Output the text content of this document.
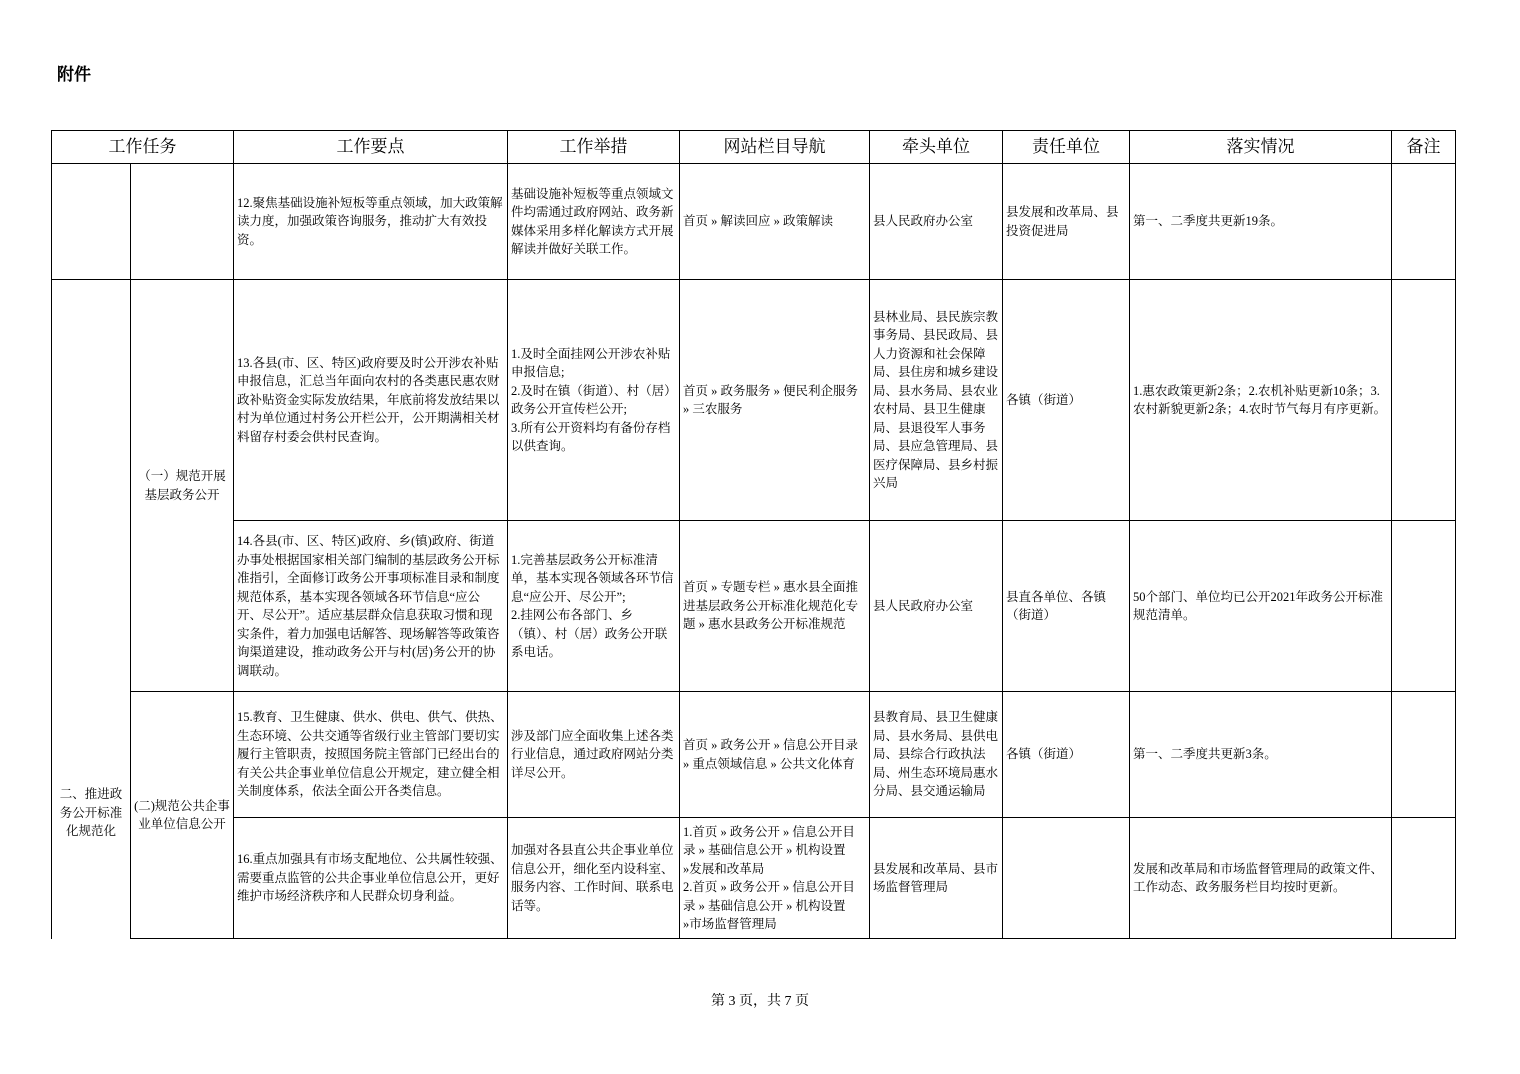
附件
工作任务		工作要点	工作举措	网站栏目导航	牵头单位	责任单位	落实情况	备注
		12.聚焦基础设施补短板等重点领域，加大政策解读力度，加强政策咨询服务，推动扩大有效投资。	基础设施补短板等重点领域文件均需通过政府网站、政务新媒体采用多样化解读方式开展解读并做好关联工作。	首页 » 解读回应 » 政策解读	县人民政府办公室	县发展和改革局、县投资促进局	第一、二季度共更新19条。	
二、推进政务公开标准化规范化	（一）规范开展基层政务公开	13.各县(市、区、特区)政府要及时公开涉农补贴申报信息，汇总当年面向农村的各类惠民惠农财政补贴资金实际发放结果，年底前将发放结果以村为单位通过村务公开栏公开，公开期满相关材料留存村委会供村民查询。	1.及时全面挂网公开涉农补贴申报信息;
2.及时在镇（街道）、村（居）政务公开宣传栏公开;
3.所有公开资料均有备份存档以供查询。	首页 » 政务服务 » 便民利企服务 » 三农服务	县林业局、县民族宗教事务局、县民政局、县人力资源和社会保障局、县住房和城乡建设局、县水务局、县农业农村局、县卫生健康局、县退役军人事务局、县应急管理局、县医疗保障局、县乡村振兴局	各镇（街道）	1.惠农政策更新2条；2.农机补贴更新10条；3.农村新貌更新2条；4.农时节气每月有序更新。	
		14.各县(市、区、特区)政府、乡(镇)政府、街道办事处根据国家相关部门编制的基层政务公开标准指引，全面修订政务公开事项标准目录和制度规范体系，基本实现各领域各环节信息“应公开、尽公开”。适应基层群众信息获取习惯和现实条件，着力加强电话解答、现场解答等政策咨询渠道建设，推动政务公开与村(居)务公开的协调联动。	1.完善基层政务公开标准清单，基本实现各领域各环节信息“应公开、尽公开”;
2.挂网公布各部门、乡（镇）、村（居）政务公开联系电话。	首页 » 专题专栏 » 惠水县全面推进基层政务公开标准化规范化专题 » 惠水县政务公开标准规范	县人民政府办公室	县直各单位、各镇（街道）	50个部门、单位均已公开2021年政务公开标准规范清单。	
	(二)规范公共企事业单位信息公开	15.教育、卫生健康、供水、供电、供气、供热、生态环境、公共交通等省级行业主管部门要切实履行主管职责，按照国务院主管部门已经出台的有关公共企事业单位信息公开规定，建立健全相关制度体系，依法全面公开各类信息。	涉及部门应全面收集上述各类行业信息，通过政府网站分类详尽公开。	首页 » 政务公开 » 信息公开目录 » 重点领域信息 » 公共文化体育	县教育局、县卫生健康局、县水务局、县供电局、县综合行政执法局、州生态环境局惠水分局、县交通运输局	各镇（街道）	第一、二季度共更新3条。	
		16.重点加强具有市场支配地位、公共属性较强、需要重点监管的公共企事业单位信息公开，更好维护市场经济秩序和人民群众切身利益。	加强对各县直公共企事业单位信息公开，细化至内设科室、服务内容、工作时间、联系电话等。	1.首页 » 政务公开 » 信息公开目录 » 基础信息公开 » 机构设置 »发展和改革局
2.首页 » 政务公开 » 信息公开目录 » 基础信息公开 » 机构设置 »市场监督管理局	县发展和改革局、县市场监督管理局		发展和改革局和市场监督管理局的政策文件、工作动态、政务服务栏目均按时更新。	
第 3 页，共 7 页
